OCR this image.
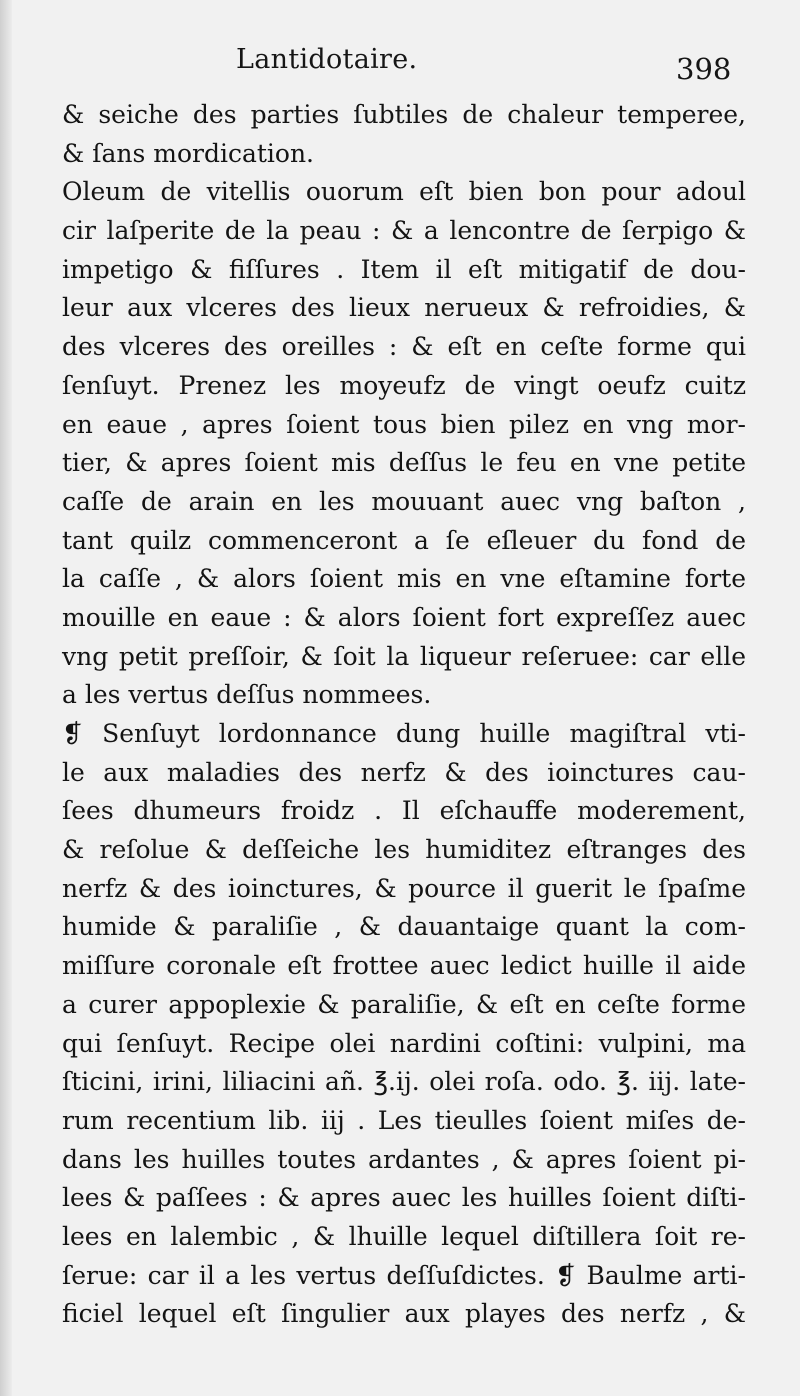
Lantidotaire.	398
& seiche des parties ſubtiles de chaleur temperee,
& ſans mordication.
Oleum de vitellis ouorum eſt bien bon pour adoul
cir laſperite de la peau : & a lencontre de ſerpigo &
impetigo & fiſſures . Item il eſt mitigatif de dou-
leur aux vlceres des lieux nerueux & refroidies, &
des vlceres des oreilles : & eſt en ceſte forme qui
ſenſuyt. Prenez les moyeufz de vingt oeufz cuitz
en eaue , apres ſoient tous bien pilez en vng mor-
tier, & apres ſoient mis deſſus le feu en vne petite
caſſe de arain en les mouuant auec vng baſton ,
tant quilz commenceront a ſe eſleuer du fond de
la caſſe , & alors ſoient mis en vne eſtamine forte
mouille en eaue : & alors ſoient fort expreſſez auec
vng petit preſſoir, & ſoit la liqueur reſeruee: car elle
a les vertus deſſus nommees.
❡ Senſuyt lordonnance dung huille magiſtral vti-
le aux maladies des nerfz & des ioinctures cau-
ſees dhumeurs froidz . Il eſchauffe moderement,
& reſolue & deſſeiche les humiditez eſtranges des
nerfz & des ioinctures, & pource il guerit le ſpaſme
humide & paraliſie , & dauantaige quant la com-
miſſure coronale eſt frottee auec ledict huille il aide
a curer appoplexie & paraliſie, & eſt en ceſte forme
qui ſenſuyt. Recipe olei nardini coſtini: vulpini, ma
ſticini, irini, liliacini añ. ℥.ij. olei roſa. odo. ℥. iij. late-
rum recentium lib. iij . Les tieulles ſoient miſes de-
dans les huilles toutes ardantes , & apres ſoient pi-
lees & paſſees : & apres auec les huilles ſoient diſti-
lees en lalembic , & lhuille lequel diſtillera ſoit re-
ſerue: car il a les vertus deſſuſdictes. ❡ Baulme arti-
ficiel lequel eſt ſingulier aux playes des nerfz , &
